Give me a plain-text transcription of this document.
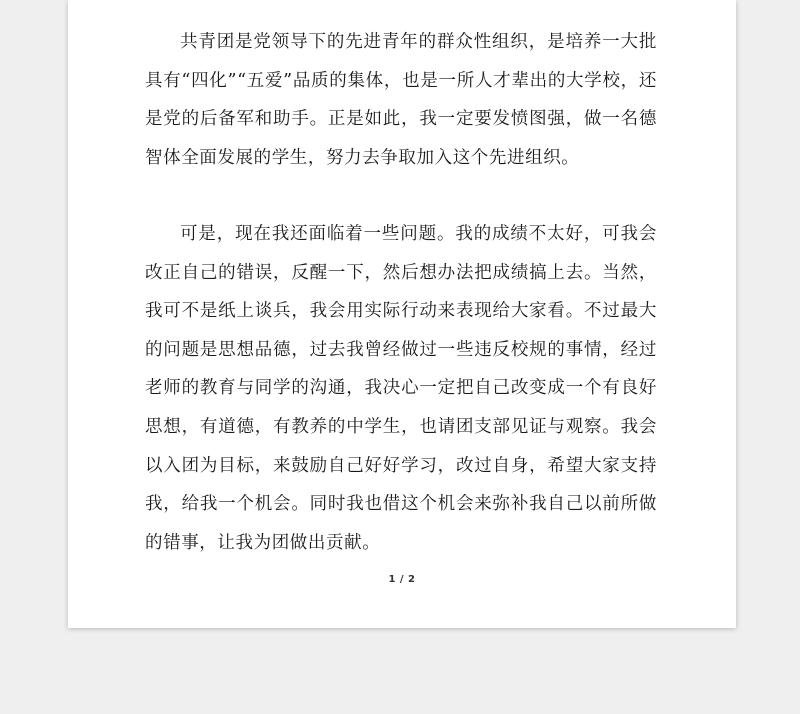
共青团是党领导下的先进青年的群众性组织，是培养一大批具有“四化”“五爱”品质的集体，也是一所人才辈出的大学校，还是党的后备军和助手。正是如此，我一定要发愤图强，做一名德智体全面发展的学生，努力去争取加入这个先进组织。

可是，现在我还面临着一些问题。我的成绩不太好，可我会改正自己的错误，反醒一下，然后想办法把成绩搞上去。当然，我可不是纸上谈兵，我会用实际行动来表现给大家看。不过最大的问题是思想品德，过去我曾经做过一些违反校规的事情，经过老师的教育与同学的沟通，我决心一定把自己改变成一个有良好思想，有道德，有教养的中学生，也请团支部见证与观察。我会以入团为目标，来鼓励自己好好学习，改过自身，希望大家支持我，给我一个机会。同时我也借这个机会来弥补我自己以前所做的错事，让我为团做出贡献。

1 / 2
